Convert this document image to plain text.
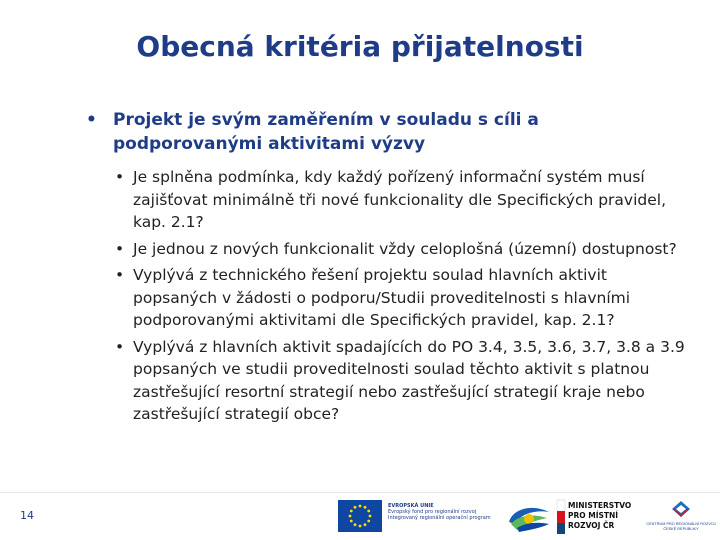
Obecná kritéria přijatelnosti
• Projekt je svým zaměřením v souladu s cíli a podporovanými aktivitami výzvy
• Je splněna podmínka, kdy každý pořízený informační systém musí zajišťovat minimálně tři nové funkcionality dle Specifických pravidel, kap. 2.1?
• Je jednou z nových funkcionalit vždy celoplošná (územní) dostupnost?
• Vyplývá z technického řešení projektu soulad hlavních aktivit popsaných v žádosti o podporu/Studii proveditelnosti s hlavními podporovanými aktivitami dle Specifických pravidel, kap. 2.1?
• Vyplývá z hlavních aktivit spadajících do PO 3.4, 3.5, 3.6, 3.7, 3.8 a 3.9 popsaných ve studii proveditelnosti soulad těchto aktivit s platnou zastřešující resortní strategií nebo zastřešující strategií kraje nebo zastřešující strategií obce?
14
EVROPSKÁ UNIE
Evropský fond pro regionální rozvoj
Integrovaný regionální operační program
MINISTERSTVO
PRO MÍSTNÍ
ROZVOJ ČR	CENTRUM PRO REGIONÁLNÍ ROZVOJ
ČESKÉ REPUBLIKY
